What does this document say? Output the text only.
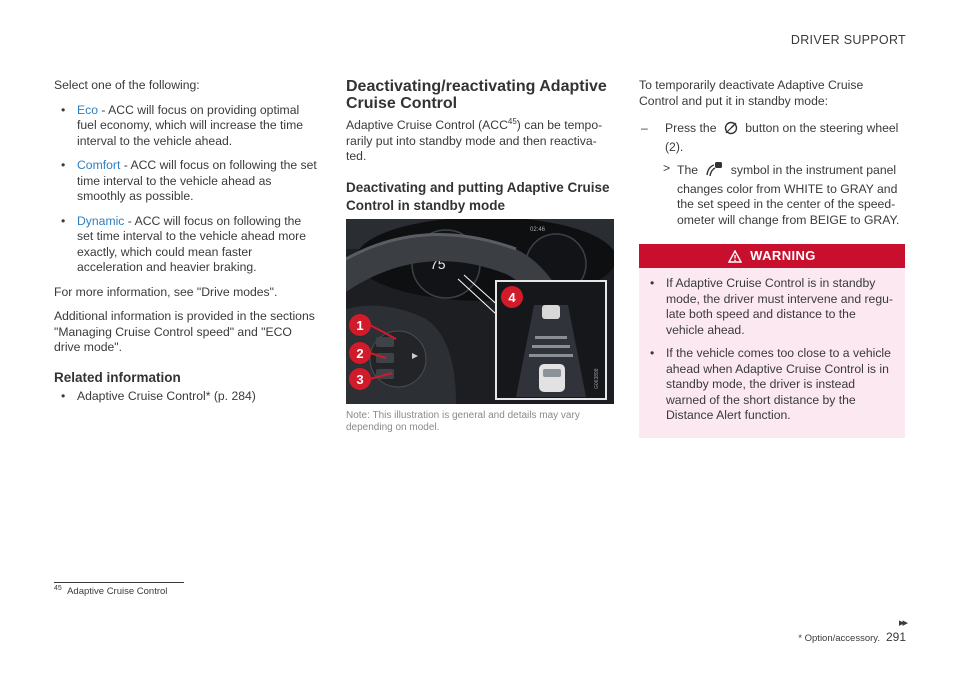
DRIVER SUPPORT

Select one of the following:

• Eco - ACC will focus on providing optimal fuel economy, which will increase the time interval to the vehicle ahead.
• Comfort - ACC will focus on following the set time interval to the vehicle ahead as smoothly as possible.
• Dynamic - ACC will focus on following the set time interval to the vehicle ahead more exactly, which could mean faster acceleration and heavier braking.

For more information, see "Drive modes".

Additional information is provided in the sections "Managing Cruise Control speed" and "ECO drive mode".

Related information
• Adaptive Cruise Control* (p. 284)
Deactivating/reactivating Adaptive Cruise Control

Adaptive Cruise Control (ACC$^{45}$) can be tempo-rarily put into standby mode and then reactiva-ted.

Deactivating and putting Adaptive Cruise Control in standby mode
75
02:46
G063898
1
2
3
4
Note: This illustration is general and details may vary depending on model.

To temporarily deactivate Adaptive Cruise Control and put it in standby mode:

– Press the button on the steering wheel (2).
> The	symbol in the instrument panel changes color from WHITE to GRAY and the set speed in the center of the speed-ometer will change from BEIGE to GRAY.
WARNING
• If Adaptive Cruise Control is in standby mode, the driver must intervene and regu-late both speed and distance to the vehicle ahead.
• If the vehicle comes too close to a vehicle ahead when Adaptive Cruise Control is in standby mode, the driver is instead warned of the short distance by the Distance Alert function.
$^{45}$ Adaptive Cruise Control
▸▸
* Option/accessory. 291
